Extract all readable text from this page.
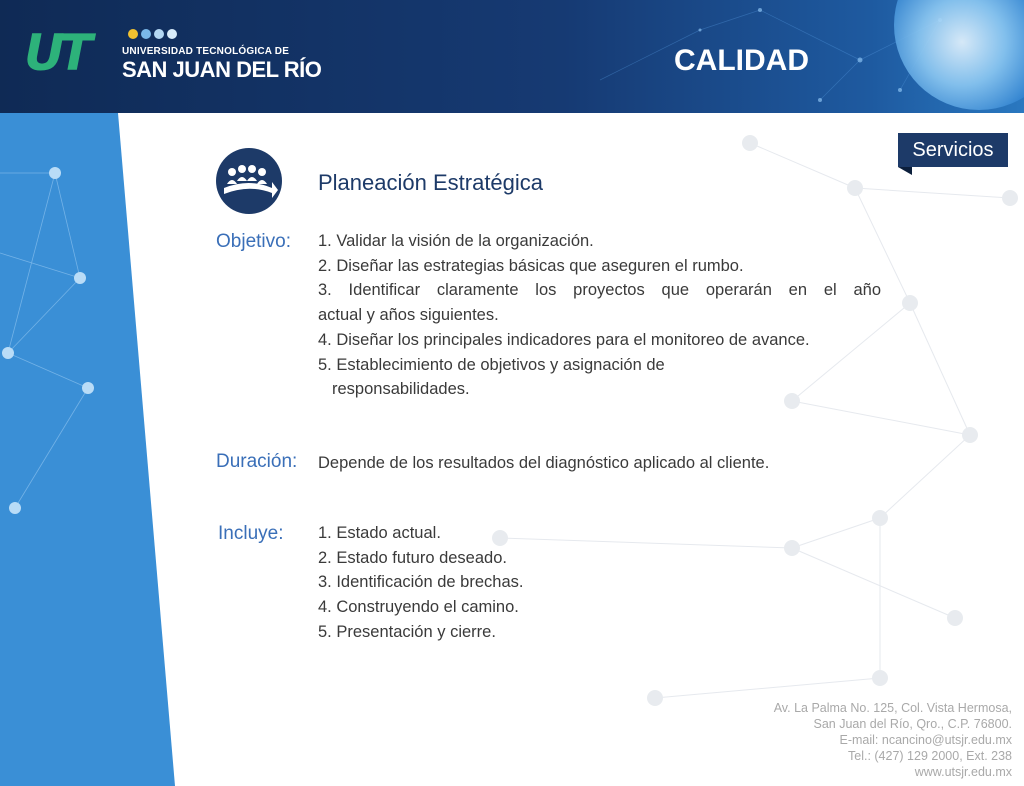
UT	UNIVERSIDAD TECNOLÓGICA DE
SAN JUAN DEL RÍO	CALIDAD
Servicios
Planeación Estratégica
Objetivo: 1. Validar la visión de la organización.
2. Diseñar las estrategias básicas que aseguren el rumbo.
3. Identificar claramente los proyectos que operarán en el año
actual y años siguientes.
4. Diseñar los principales indicadores para el monitoreo de avance.
5. Establecimiento de objetivos y asignación de
responsabilidades.
Duración: Depende de los resultados del diagnóstico aplicado al cliente.
Incluye: 1. Estado actual.
2. Estado futuro deseado.
3. Identificación de brechas.
4. Construyendo el camino.
5. Presentación y cierre.
Av. La Palma No. 125, Col. Vista Hermosa,
San Juan del Río, Qro., C.P. 76800.
E-mail: ncancino@utsjr.edu.mx
Tel.: (427) 129 2000, Ext. 238
www.utsjr.edu.mx
